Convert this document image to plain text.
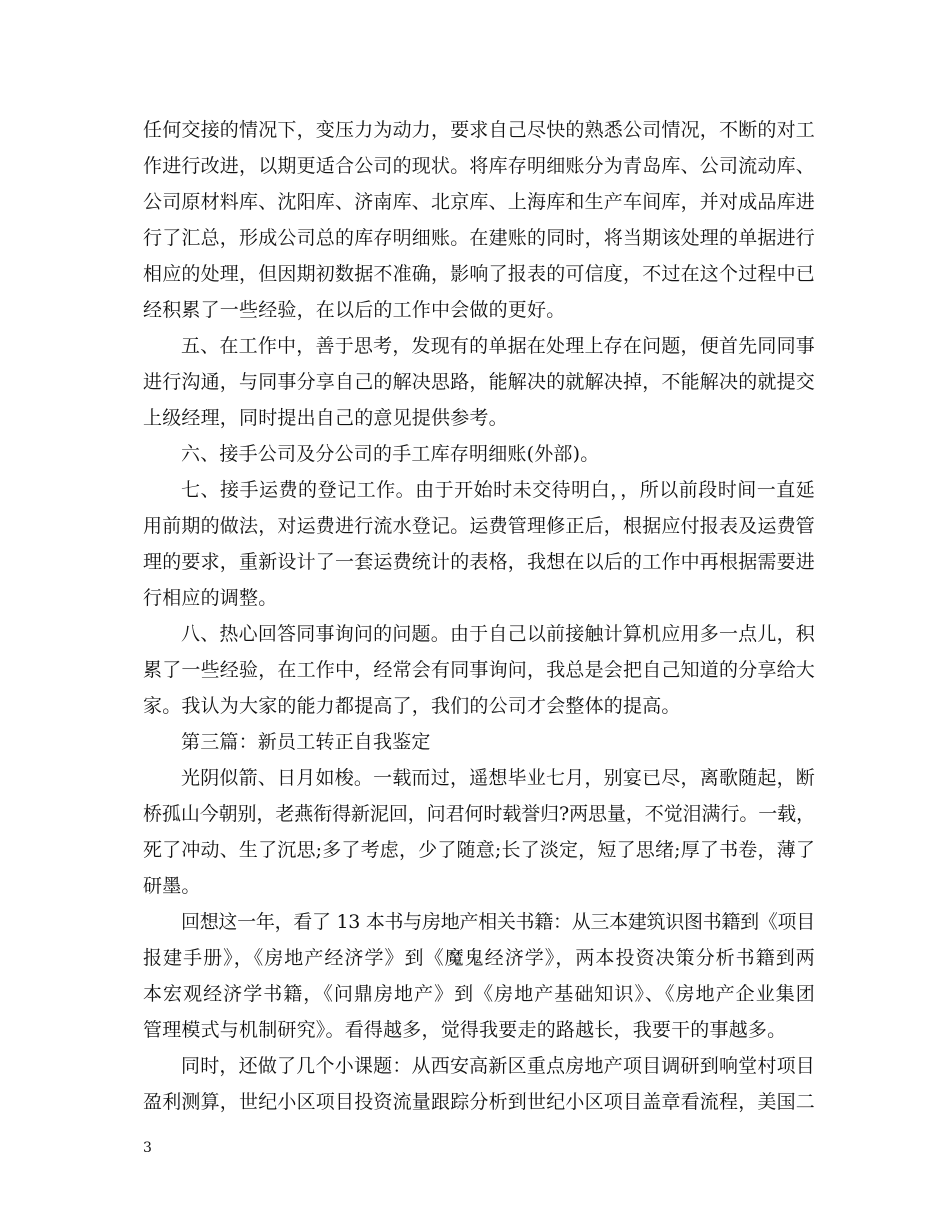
任何交接的情况下，变压力为动力，要求自己尽快的熟悉公司情况，不断的对工
作进行改进，以期更适合公司的现状。将库存明细账分为青岛库、公司流动库、
公司原材料库、沈阳库、济南库、北京库、上海库和生产车间库，并对成品库进
行了汇总，形成公司总的库存明细账。在建账的同时，将当期该处理的单据进行
相应的处理，但因期初数据不准确，影响了报表的可信度，不过在这个过程中已
经积累了一些经验，在以后的工作中会做的更好。
五、在工作中，善于思考，发现有的单据在处理上存在问题，便首先同同事
进行沟通，与同事分享自己的解决思路，能解决的就解决掉，不能解决的就提交
上级经理，同时提出自己的意见提供参考。
六、接手公司及分公司的手工库存明细账(外部)。
七、接手运费的登记工作。由于开始时未交待明白，，所以前段时间一直延
用前期的做法，对运费进行流水登记。运费管理修正后，根据应付报表及运费管
理的要求，重新设计了一套运费统计的表格，我想在以后的工作中再根据需要进
行相应的调整。
八、热心回答同事询问的问题。由于自己以前接触计算机应用多一点儿，积
累了一些经验，在工作中，经常会有同事询问，我总是会把自己知道的分享给大
家。我认为大家的能力都提高了，我们的公司才会整体的提高。
第三篇：新员工转正自我鉴定
光阴似箭、日月如梭。一载而过，遥想毕业七月，别宴已尽，离歌随起，断
桥孤山今朝别，老燕衔得新泥回，问君何时载誉归?两思量，不觉泪满行。一载，
死了冲动、生了沉思;多了考虑，少了随意;长了淡定，短了思绪;厚了书卷，薄了
研墨。
回想这一年，看了 13 本书与房地产相关书籍：从三本建筑识图书籍到《项目
报建手册》，《房地产经济学》到《魔鬼经济学》，两本投资决策分析书籍到两
本宏观经济学书籍，《问鼎房地产》到《房地产基础知识》、《房地产企业集团
管理模式与机制研究》。看得越多，觉得我要走的路越长，我要干的事越多。
同时，还做了几个小课题：从西安高新区重点房地产项目调研到响堂村项目
盈利测算，世纪小区项目投资流量跟踪分析到世纪小区项目盖章看流程，美国二
3
